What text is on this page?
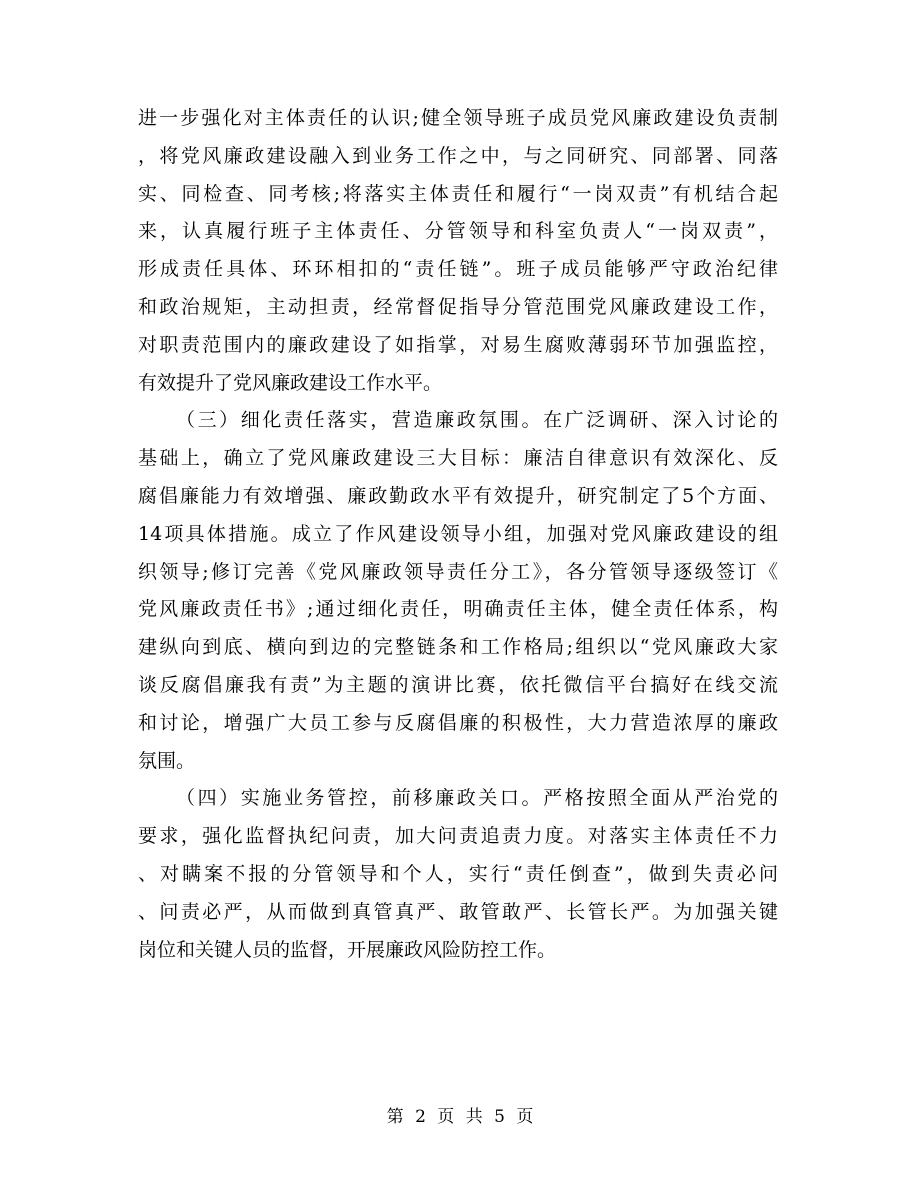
进一步强化对主体责任的认识;健全领导班子成员党风廉政建设负责制
，将党风廉政建设融入到业务工作之中，与之同研究、同部署、同落
实、同检查、同考核;将落实主体责任和履行“一岗双责”有机结合起
来，认真履行班子主体责任、分管领导和科室负责人“一岗双责”，
形成责任具体、环环相扣的“责任链”。班子成员能够严守政治纪律
和政治规矩，主动担责，经常督促指导分管范围党风廉政建设工作，
对职责范围内的廉政建设了如指掌，对易生腐败薄弱环节加强监控，
有效提升了党风廉政建设工作水平。
（三）细化责任落实，营造廉政氛围。在广泛调研、深入讨论的
基础上，确立了党风廉政建设三大目标：廉洁自律意识有效深化、反
腐倡廉能力有效增强、廉政勤政水平有效提升，研究制定了5个方面、
14项具体措施。成立了作风建设领导小组，加强对党风廉政建设的组
织领导;修订完善《党风廉政领导责任分工》，各分管领导逐级签订《
党风廉政责任书》;通过细化责任，明确责任主体，健全责任体系，构
建纵向到底、横向到边的完整链条和工作格局;组织以“党风廉政大家
谈反腐倡廉我有责”为主题的演讲比赛，依托微信平台搞好在线交流
和讨论，增强广大员工参与反腐倡廉的积极性，大力营造浓厚的廉政
氛围。
（四）实施业务管控，前移廉政关口。严格按照全面从严治党的
要求，强化监督执纪问责，加大问责追责力度。对落实主体责任不力
、对瞒案不报的分管领导和个人，实行“责任倒查”，做到失责必问
、问责必严，从而做到真管真严、敢管敢严、长管长严。为加强关键
岗位和关键人员的监督，开展廉政风险防控工作。
第 2 页 共 5 页
